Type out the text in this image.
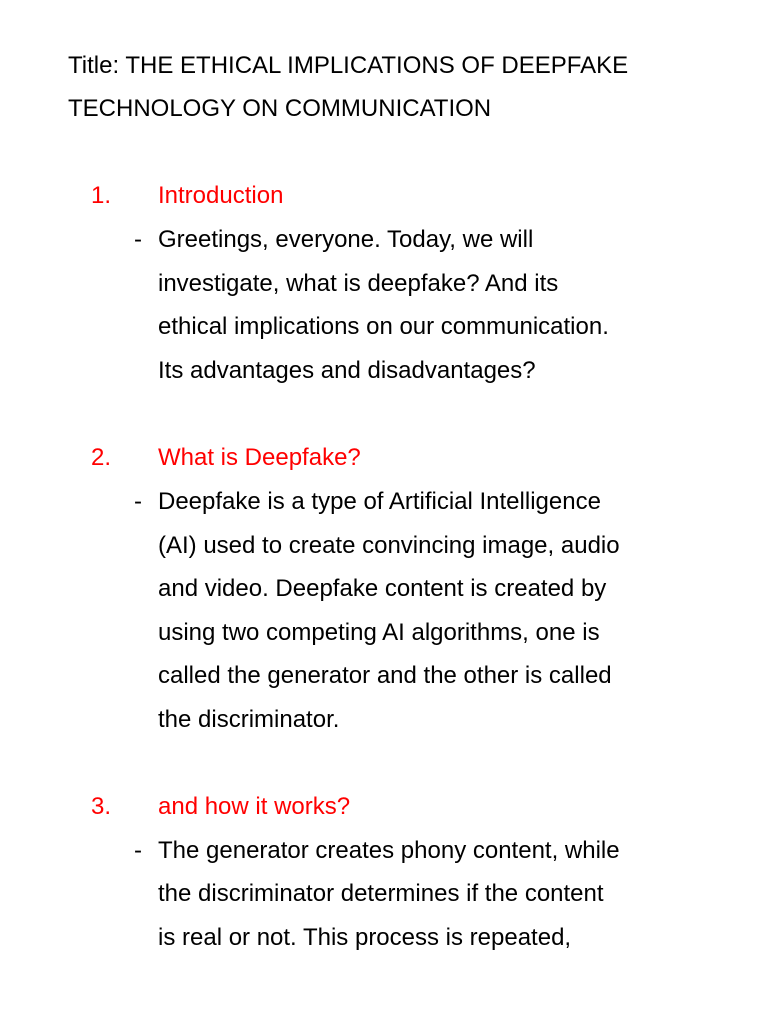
Title: THE ETHICAL IMPLICATIONS OF DEEPFAKE
TECHNOLOGY ON COMMUNICATION
1. Introduction
- Greetings, everyone. Today, we will
investigate, what is deepfake? And its
ethical implications on our communication.
Its advantages and disadvantages?
2. What is Deepfake?
- Deepfake is a type of Artificial Intelligence
(AI) used to create convincing image, audio
and video. Deepfake content is created by
using two competing AI algorithms, one is
called the generator and the other is called
the discriminator.
3. and how it works?
- The generator creates phony content, while
the discriminator determines if the content
is real or not. This process is repeated,
